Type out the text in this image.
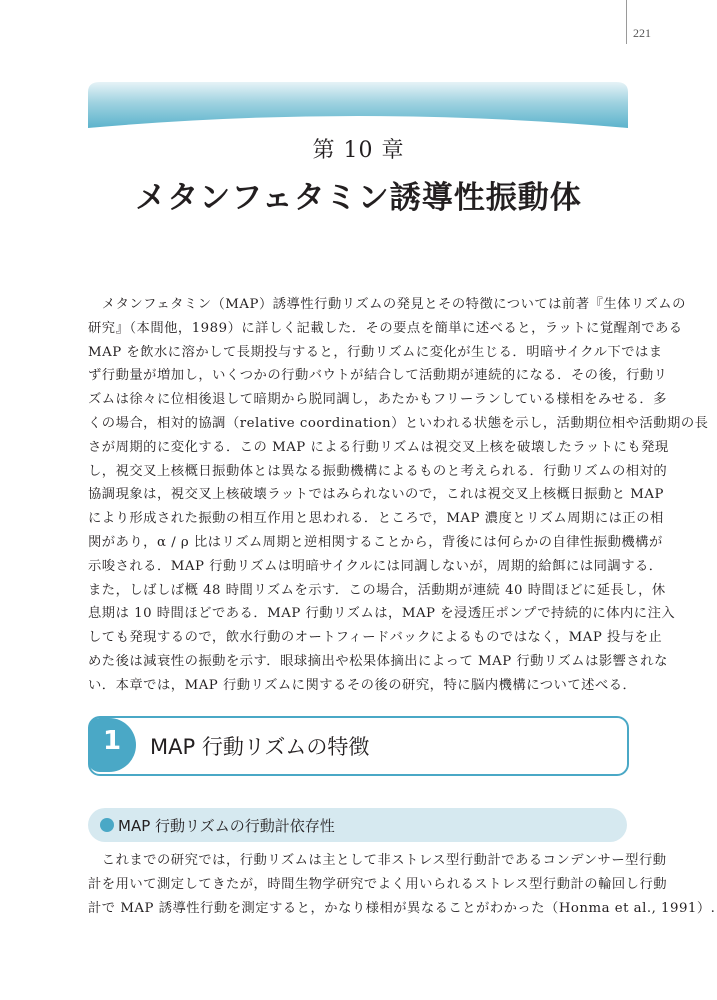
221
第 10 章
メタンフェタミン誘導性振動体
　メタンフェタミン（MAP）誘導性行動リズムの発見とその特徴については前著『生体リズムの
研究』（本間他，1989）に詳しく記載した．その要点を簡単に述べると，ラットに覚醒剤である
MAP を飲水に溶かして長期投与すると，行動リズムに変化が生じる．明暗サイクル下ではま
ず行動量が増加し，いくつかの行動バウトが結合して活動期が連続的になる．その後，行動リ
ズムは徐々に位相後退して暗期から脱同調し，あたかもフリーランしている様相をみせる．多
くの場合，相対的協調（relative coordination）といわれる状態を示し，活動期位相や活動期の長
さが周期的に変化する．この MAP による行動リズムは視交叉上核を破壊したラットにも発現
し，視交叉上核概日振動体とは異なる振動機構によるものと考えられる．行動リズムの相対的
協調現象は，視交叉上核破壊ラットではみられないので，これは視交叉上核概日振動と MAP
により形成された振動の相互作用と思われる．ところで，MAP 濃度とリズム周期には正の相
関があり，α / ρ 比はリズム周期と逆相関することから，背後には何らかの自律性振動機構が
示唆される．MAP 行動リズムは明暗サイクルには同調しないが，周期的給餌には同調する．
また，しばしば概 48 時間リズムを示す．この場合，活動期が連続 40 時間ほどに延長し，休
息期は 10 時間ほどである．MAP 行動リズムは，MAP を浸透圧ポンプで持続的に体内に注入
しても発現するので，飲水行動のオートフィードバックによるものではなく，MAP 投与を止
めた後は減衰性の振動を示す．眼球摘出や松果体摘出によって MAP 行動リズムは影響されな
い．本章では，MAP 行動リズムに関するその後の研究，特に脳内機構について述べる．
1	MAP 行動リズムの特徴
MAP 行動リズムの行動計依存性
　これまでの研究では，行動リズムは主として非ストレス型行動計であるコンデンサー型行動
計を用いて測定してきたが，時間生物学研究でよく用いられるストレス型行動計の輪回し行動
計で MAP 誘導性行動を測定すると，かなり様相が異なることがわかった（Honma et al., 1991）.
